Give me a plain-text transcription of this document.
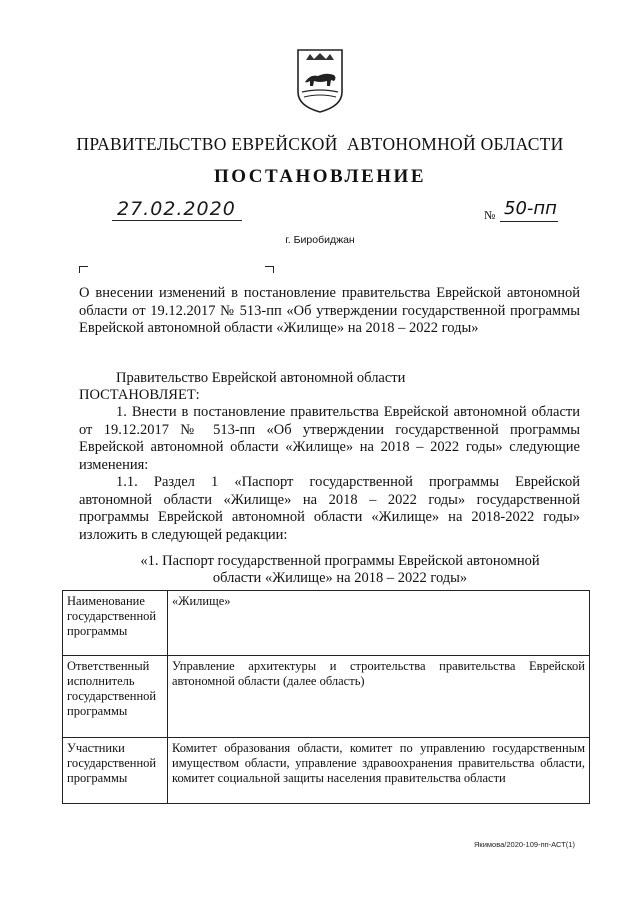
ПРАВИТЕЛЬСТВО ЕВРЕЙСКОЙ  АВТОНОМНОЙ ОБЛАСТИ
ПОСТАНОВЛЕНИЕ
27.02.2020	№ 50-пп
г. Биробиджан
О внесении изменений в постановление правительства Еврейской автономной области от 19.12.2017 № 513-пп «Об утверждении государственной программы Еврейской автономной области «Жилище» на 2018 – 2022 годы»
Правительство Еврейской автономной области
ПОСТАНОВЛЯЕТ:
1. Внести в постановление правительства Еврейской автономной области от 19.12.2017 № 513-пп «Об утверждении государственной программы Еврейской автономной области «Жилище» на 2018 – 2022 годы» следующие изменения:
1.1. Раздел 1 «Паспорт государственной программы Еврейской автономной области «Жилище» на 2018 – 2022 годы» государственной программы Еврейской автономной области «Жилище» на 2018-2022 годы» изложить в следующей редакции:
«1. Паспорт государственной программы Еврейской автономной области «Жилище» на 2018 – 2022 годы»
Наименование государственной программы	«Жилище»
Ответственный исполнитель государственной программы	Управление архитектуры и строительства правительства Еврейской автономной области (далее область)
Участники государственной программы	Комитет образования области, комитет по управлению государственным имуществом области, управление здравоохранения правительства области, комитет социальной защиты населения правительства области
Якимова/2020-109-пп-АСТ(1)
